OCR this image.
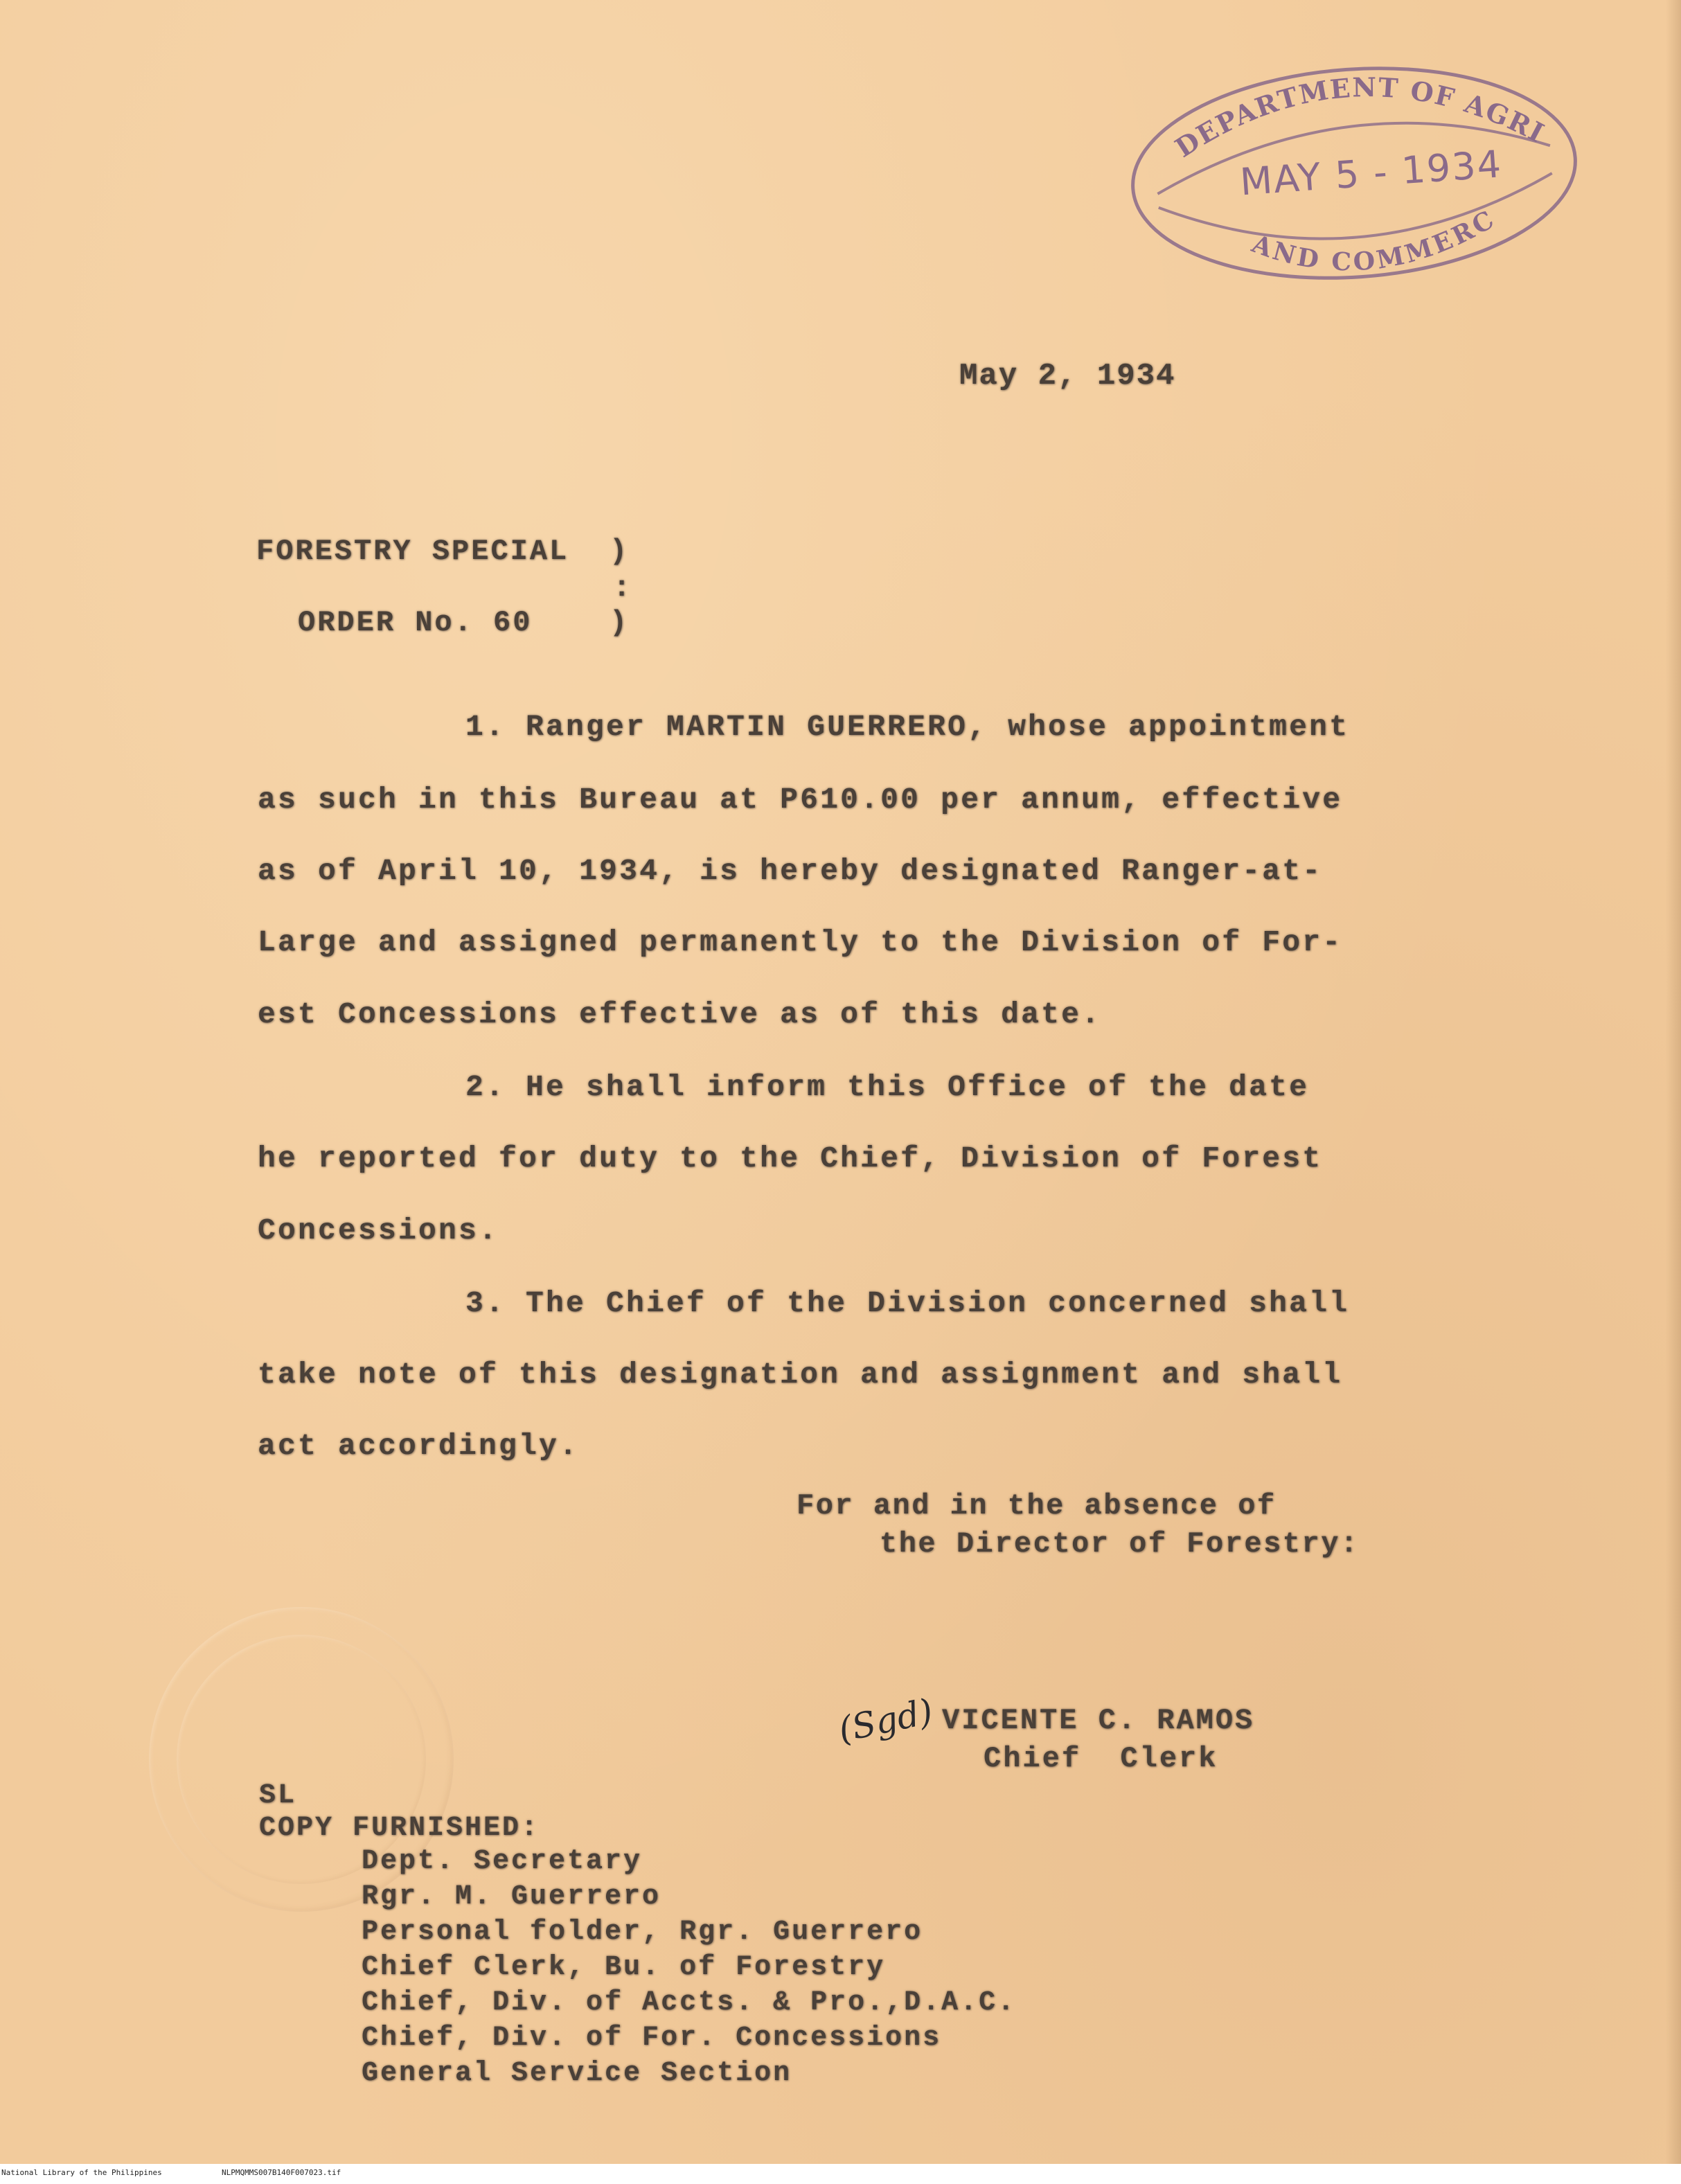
DEPARTMENT OF AGRICULTURE
AND COMMERCE
MAY 5 - 1934

May 2, 1934

FORESTRY SPECIAL

ORDER No. 60

)

:

)

1. Ranger MARTIN GUERRERO, whose appointment

as such in this Bureau at P610.00 per annum, effective

as of April 10, 1934, is hereby designated Ranger-at-

Large and assigned permanently to the Division of For-

est Concessions effective as of this date.

2. He shall inform this Office of the date

he reported for duty to the Chief, Division of Forest

Concessions.

3. The Chief of the Division concerned shall

take note of this designation and assignment and shall

act accordingly.

For and in the absence of

the Director of Forestry:

(Sgd) VICENTE C. RAMOS

Chief  Clerk

SL

COPY FURNISHED:

Dept. Secretary

Rgr. M. Guerrero

Personal folder, Rgr. Guerrero

Chief Clerk, Bu. of Forestry

Chief, Div. of Accts. & Pro.,D.A.C.

Chief, Div. of For. Concessions

General Service Section

National Library of the Philippines	NLPMQMMS007B140F007023.tif
